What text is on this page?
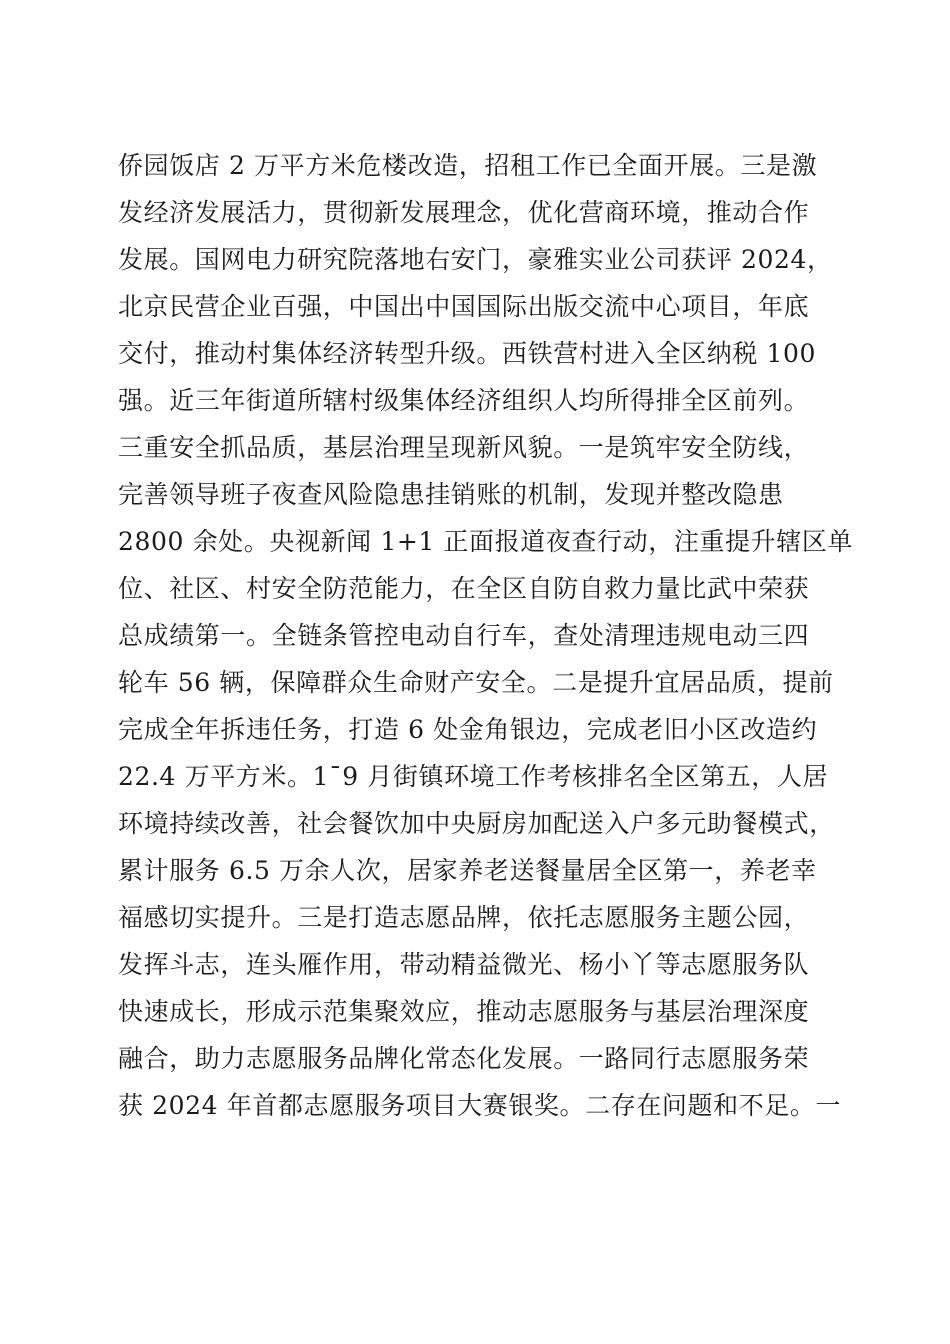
侨园饭店 2 万平方米危楼改造，招租工作已全面开展。三是激
发经济发展活力，贯彻新发展理念，优化营商环境，推动合作
发展。国网电力研究院落地右安门，豪雅实业公司获评 2024，
北京民营企业百强，中国出中国国际出版交流中心项目，年底
交付，推动村集体经济转型升级。西铁营村进入全区纳税 100
强。近三年街道所辖村级集体经济组织人均所得排全区前列。
三重安全抓品质，基层治理呈现新风貌。一是筑牢安全防线，
完善领导班子夜查风险隐患挂销账的机制，发现并整改隐患
2800 余处。央视新闻 1+1 正面报道夜查行动，注重提升辖区单
位、社区、村安全防范能力，在全区自防自救力量比武中荣获
总成绩第一。全链条管控电动自行车，查处清理违规电动三四
轮车 56 辆，保障群众生命财产安全。二是提升宜居品质，提前
完成全年拆违任务，打造 6 处金角银边，完成老旧小区改造约
22.4 万平方米。1¯9 月街镇环境工作考核排名全区第五，人居
环境持续改善，社会餐饮加中央厨房加配送入户多元助餐模式，
累计服务 6.5 万余人次，居家养老送餐量居全区第一，养老幸
福感切实提升。三是打造志愿品牌，依托志愿服务主题公园，
发挥斗志，连头雁作用，带动精益微光、杨小丫等志愿服务队
快速成长，形成示范集聚效应，推动志愿服务与基层治理深度
融合，助力志愿服务品牌化常态化发展。一路同行志愿服务荣
获 2024 年首都志愿服务项目大赛银奖。二存在问题和不足。一
